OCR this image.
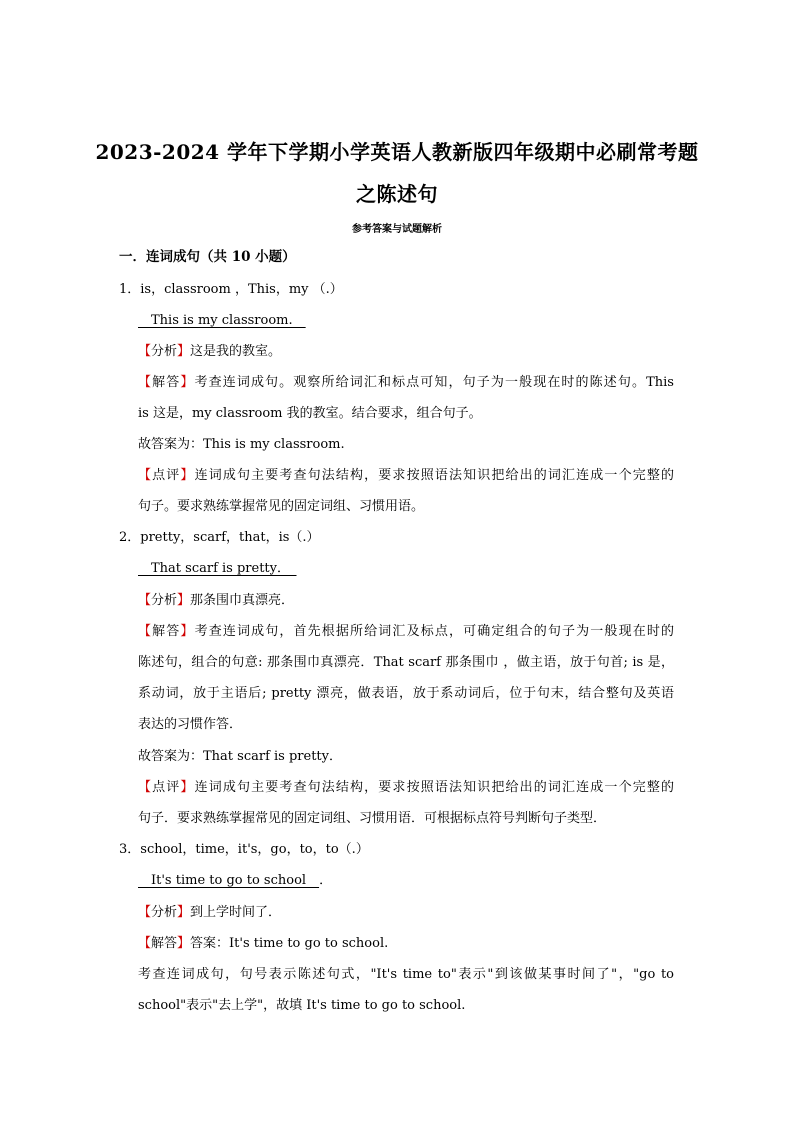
2023-2024 学年下学期小学英语人教新版四年级期中必刷常考题
之陈述句
参考答案与试题解析
一．连词成句（共 10 小题）
1．is，classroom ，This，my （.）
　This is my classroom.　
【分析】这是我的教室。
【解答】考查连词成句。观察所给词汇和标点可知，句子为一般现在时的陈述句。This
is 这是，my classroom 我的教室。结合要求，组合句子。
故答案为：This is my classroom.
【点评】连词成句主要考查句法结构，要求按照语法知识把给出的词汇连成一个完整的
句子。要求熟练掌握常见的固定词组、习惯用语。
2．pretty，scarf，that，is（.）
　That scarf is pretty．　
【分析】那条围巾真漂亮．
【解答】考查连词成句，首先根据所给词汇及标点，可确定组合的句子为一般现在时的
陈述句，组合的句意: 那条围巾真漂亮．That scarf 那条围巾 ，做主语，放于句首; is 是，
系动词，放于主语后; pretty 漂亮，做表语，放于系动词后，位于句末，结合整句及英语
表达的习惯作答．
故答案为：That scarf is pretty．
【点评】连词成句主要考查句法结构，要求按照语法知识把给出的词汇连成一个完整的
句子．要求熟练掌握常见的固定词组、习惯用语．可根据标点符号判断句子类型．
3．school，time，it's，go，to，to（.）
　It's time to go to school　．
【分析】到上学时间了．
【解答】答案：It's time to go to school.
考查连词成句，句号表示陈述句式，"It's time to"表示"到该做某事时间了"，"go to
school"表示"去上学"，故填 It's time to go to school.
